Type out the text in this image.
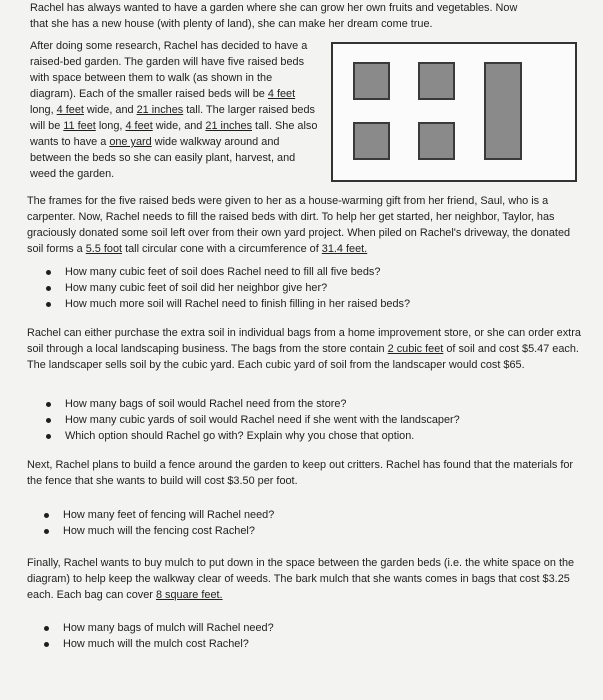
Rachel has always wanted to have a garden where she can grow her own fruits and vegetables. Now

that she has a new house (with plenty of land), she can make her dream come true.

After doing some research, Rachel has decided to have a raised-bed garden. The garden will have five raised beds with space between them to walk (as shown in the diagram). Each of the smaller raised beds will be 4 feet long, 4 feet wide, and 21 inches tall. The larger raised beds will be 11 feet long, 4 feet wide, and 21 inches tall. She also wants to have a one yard wide walkway around and between the beds so she can easily plant, harvest, and weed the garden.

The frames for the five raised beds were given to her as a house-warming gift from her friend, Saul, who is a carpenter. Now, Rachel needs to fill the raised beds with dirt. To help her get started, her neighbor, Taylor, has graciously donated some soil left over from their own yard project. When piled on Rachel's driveway, the donated soil forms a 5.5 foot tall circular cone with a circumference of 31.4 feet.

How many cubic feet of soil does Rachel need to fill all five beds?
How many cubic feet of soil did her neighbor give her?
How much more soil will Rachel need to finish filling in her raised beds?

Rachel can either purchase the extra soil in individual bags from a home improvement store, or she can order extra soil through a local landscaping business. The bags from the store contain 2 cubic feet of soil and cost $5.47 each. The landscaper sells soil by the cubic yard. Each cubic yard of soil from the landscaper would cost $65.

How many bags of soil would Rachel need from the store?
How many cubic yards of soil would Rachel need if she went with the landscaper?
Which option should Rachel go with? Explain why you chose that option.

Next, Rachel plans to build a fence around the garden to keep out critters. Rachel has found that the materials for the fence that she wants to build will cost $3.50 per foot.

How many feet of fencing will Rachel need?
How much will the fencing cost Rachel?

Finally, Rachel wants to buy mulch to put down in the space between the garden beds (i.e. the white space on the diagram) to help keep the walkway clear of weeds. The bark mulch that she wants comes in bags that cost $3.25 each. Each bag can cover 8 square feet.

How many bags of mulch will Rachel need?
How much will the mulch cost Rachel?
